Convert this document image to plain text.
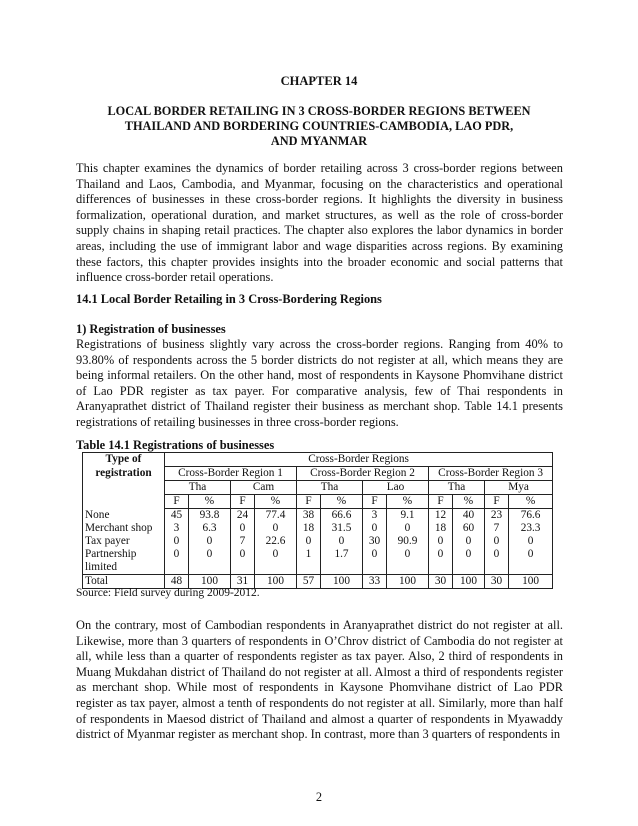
CHAPTER 14
LOCAL BORDER RETAILING IN 3 CROSS-BORDER REGIONS BETWEEN
THAILAND AND BORDERING COUNTRIES-CAMBODIA, LAO PDR,
AND MYANMAR

This chapter examines the dynamics of border retailing across 3 cross-border regions between Thailand and Laos, Cambodia, and Myanmar, focusing on the characteristics and operational differences of businesses in these cross-border regions. It highlights the diversity in business formalization, operational duration, and market structures, as well as the role of cross-border supply chains in shaping retail practices. The chapter also explores the labor dynamics in border areas, including the use of immigrant labor and wage disparities across regions. By examining these factors, this chapter provides insights into the broader economic and social patterns that influence cross-border retail operations.

14.1 Local Border Retailing in 3 Cross-Bordering Regions

1) Registration of businesses

Registrations of business slightly vary across the cross-border regions. Ranging from 40% to 93.80% of respondents across the 5 border districts do not register at all, which means they are being informal retailers. On the other hand, most of respondents in Kaysone Phomvihane district of Lao PDR register as tax payer. For comparative analysis, few of Thai respondents in Aranyaprathet district of Thailand register their business as merchant shop. Table 14.1 presents registrations of retailing businesses in three cross-border regions.

Table 14.1 Registrations of businesses

Type of	Cross-Border Regions											
registration	Cross-Border Region 1				Cross-Border Region 2				Cross-Border Region 3			
	Tha		Cam		Tha		Lao		Tha		Mya	
	F	%	F	%	F	%	F	%	F	%	F	%
None	45	93.8	24	77.4	38	66.6	3	9.1	12	40	23	76.6
Merchant shop	3	6.3	0	0	18	31.5	0	0	18	60	7	23.3
Tax payer	0	0	7	22.6	0	0	30	90.9	0	0	0	0

Partnership
limited	0	0	0	0	1	1.7	0	0	0	0	0	0
Total	48	100	31	100	57	100	33	100	30	100	30	100
Source: Field survey during 2009-2012.

On the contrary, most of Cambodian respondents in Aranyaprathet district do not register at all. Likewise, more than 3 quarters of respondents in O’Chrov district of Cambodia do not register at all, while less than a quarter of respondents register as tax payer. Also, 2 third of respondents in Muang Mukdahan district of Thailand do not register at all. Almost a third of respondents register as merchant shop. While most of respondents in Kaysone Phomvihane district of Lao PDR register as tax payer, almost a tenth of respondents do not register at all. Similarly, more than half of respondents in Maesod district of Thailand and almost a quarter of respondents in Myawaddy district of Myanmar register as merchant shop. In contrast, more than 3 quarters of respondents in

2
